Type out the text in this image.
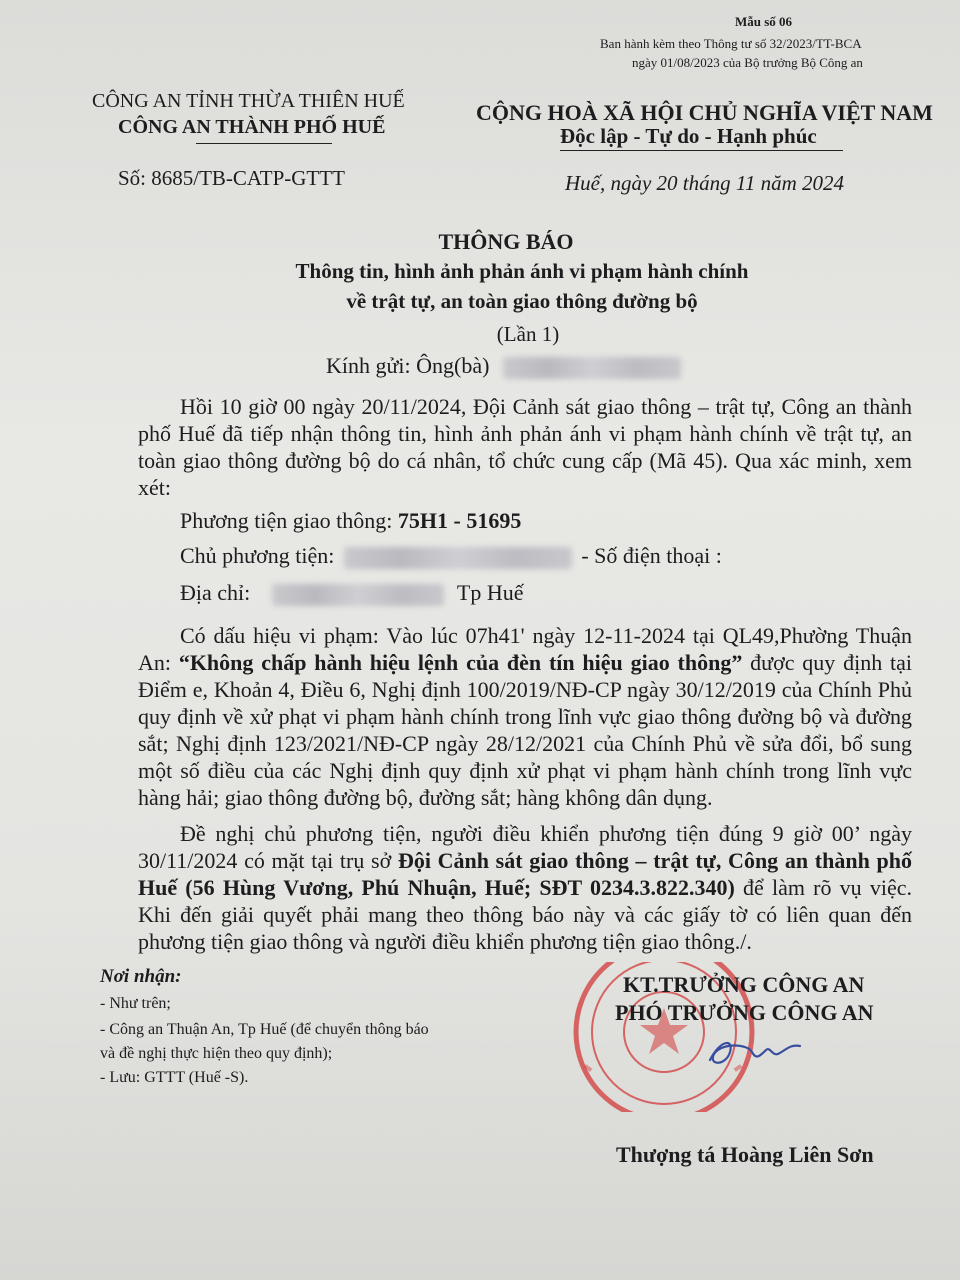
Mẫu số 06
Ban hành kèm theo Thông tư số 32/2023/TT-BCA
ngày 01/08/2023 của Bộ trưởng Bộ Công an
CÔNG AN TỈNH THỪA THIÊN HUẾ
CÔNG AN THÀNH PHỐ HUẾ
Số: 8685/TB-CATP-GTTT
CỘNG HOÀ XÃ HỘI CHỦ NGHĨA VIỆT NAM
Độc lập - Tự do - Hạnh phúc
Huế, ngày 20 tháng 11 năm 2024
THÔNG BÁO
Thông tin, hình ảnh phản ánh vi phạm hành chính
về trật tự, an toàn giao thông đường bộ
(Lần 1)
Kính gửi: Ông(bà)
Hồi 10 giờ 00 ngày 20/11/2024, Đội Cảnh sát giao thông – trật tự, Công an thành phố Huế đã tiếp nhận thông tin, hình ảnh phản ánh vi phạm hành chính về trật tự, an toàn giao thông đường bộ do cá nhân, tổ chức cung cấp (Mã 45). Qua xác minh, xem xét:
Phương tiện giao thông: 75H1 - 51695
Chủ phương tiện:	- Số điện thoại :
Địa chỉ:	Tp Huế
Có dấu hiệu vi phạm: Vào lúc 07h41' ngày 12-11-2024 tại QL49,Phường Thuận An: “Không chấp hành hiệu lệnh của đèn tín hiệu giao thông” được quy định tại Điểm e, Khoản 4, Điều 6, Nghị định 100/2019/NĐ-CP ngày 30/12/2019 của Chính Phủ quy định về xử phạt vi phạm hành chính trong lĩnh vực giao thông đường bộ và đường sắt; Nghị định 123/2021/NĐ-CP ngày 28/12/2021 của Chính Phủ về sửa đổi, bổ sung một số điều của các Nghị định quy định xử phạt vi phạm hành chính trong lĩnh vực hàng hải; giao thông đường bộ, đường sắt; hàng không dân dụng.
Đề nghị chủ phương tiện, người điều khiển phương tiện đúng 9 giờ 00’ ngày 30/11/2024 có mặt tại trụ sở Đội Cảnh sát giao thông – trật tự, Công an thành phố Huế (56 Hùng Vương, Phú Nhuận, Huế; SĐT 0234.3.822.340) để làm rõ vụ việc. Khi đến giải quyết phải mang theo thông báo này và các giấy tờ có liên quan đến phương tiện giao thông và người điều khiển phương tiện giao thông./.
Nơi nhận:
- Như trên;
- Công an Thuận An, Tp Huế (để chuyển thông báo
và đề nghị thực hiện theo quy định);
- Lưu: GTTT (Huế -S).
KT.TRƯỞNG CÔNG AN
PHÓ TRƯỞNG CÔNG AN
Thượng tá Hoàng Liên Sơn
